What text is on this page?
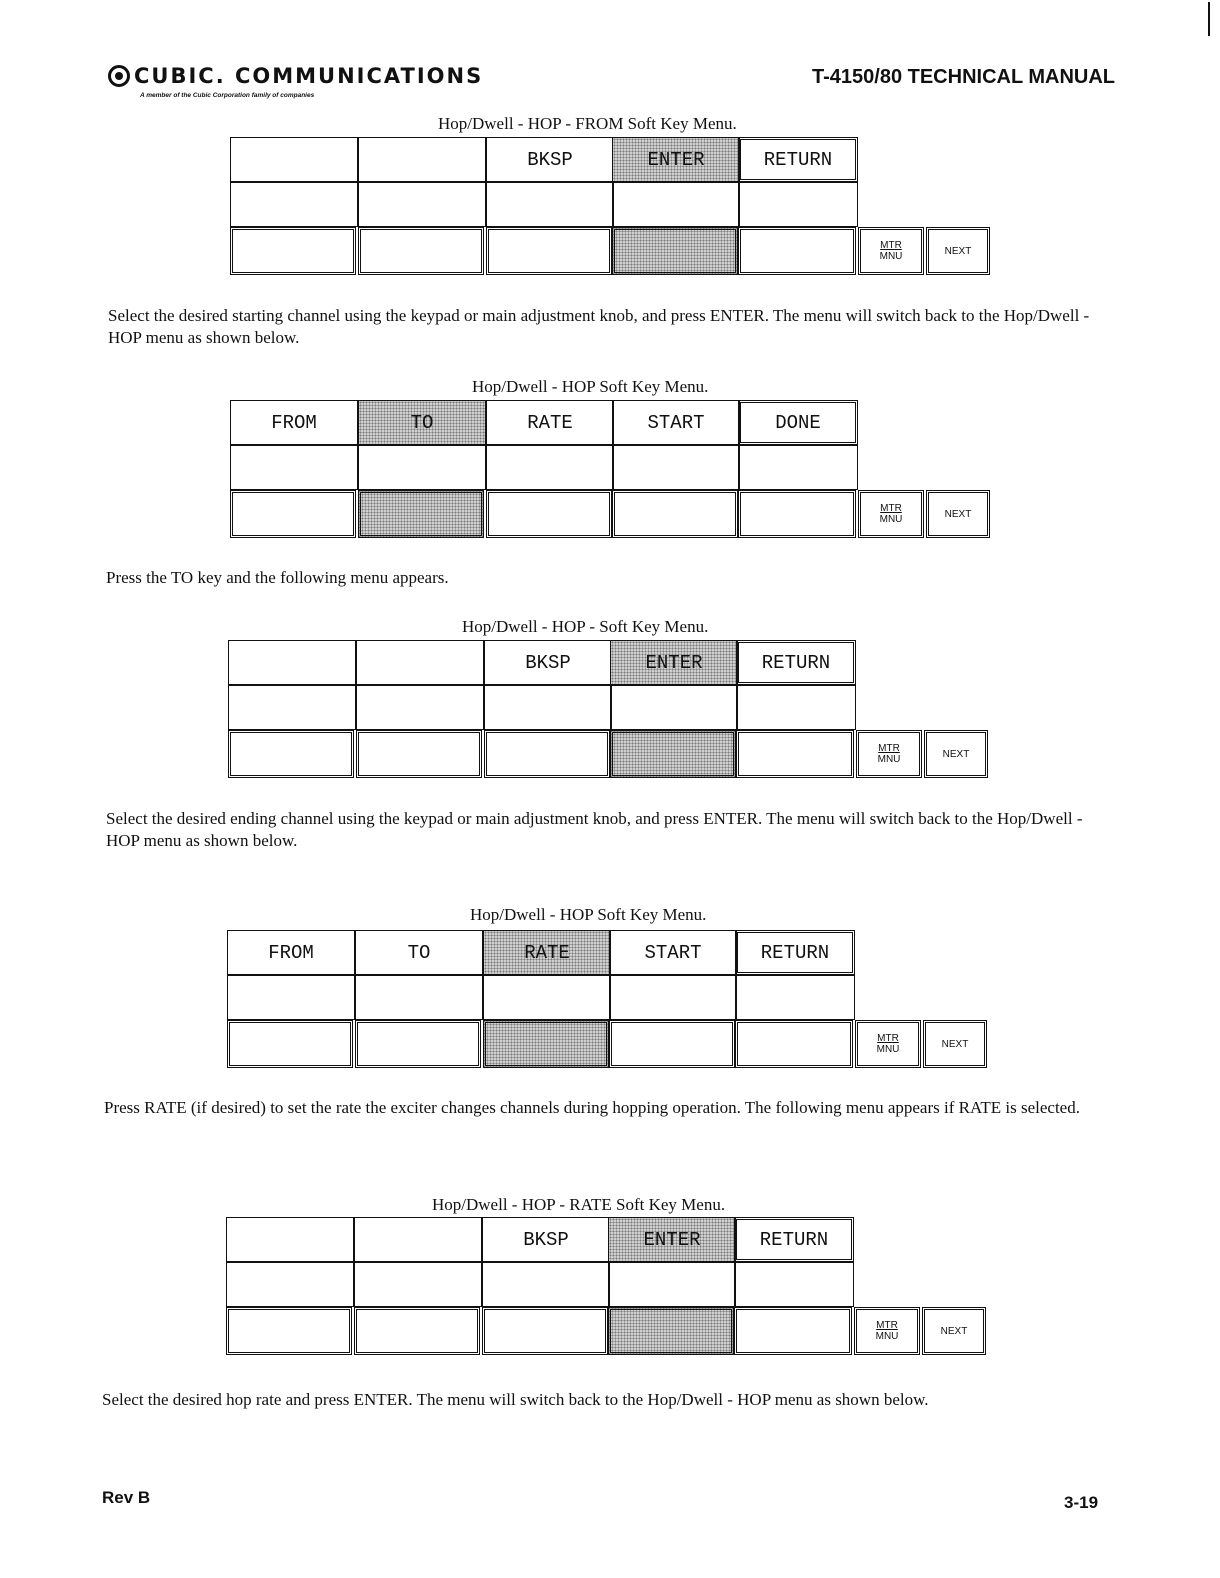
CUBIC. COMMUNICATIONS
A member of the Cubic Corporation family of companies
T-4150/80 TECHNICAL MANUAL
Hop/Dwell - HOP - FROM Soft Key Menu.
BKSP	ENTER	RETURN
MTR
MNU	NEXT
Select the desired starting channel using the keypad or main adjustment knob, and press ENTER. The menu will switch back to the Hop/Dwell - HOP menu as shown below.
Hop/Dwell - HOP Soft Key Menu.
FROM	TO	RATE	START	DONE
MTR
MNU	NEXT
Press the TO key and the following menu appears.
Hop/Dwell - HOP - Soft Key Menu.
BKSP	ENTER	RETURN
MTR
MNU	NEXT
Select the desired ending channel using the keypad or main adjustment knob, and press ENTER. The menu will switch back to the Hop/Dwell - HOP menu as shown below.
Hop/Dwell - HOP Soft Key Menu.
FROM	TO	RATE	START	RETURN
MTR
MNU	NEXT
Press RATE (if desired) to set the rate the exciter changes channels during hopping operation. The following menu appears if RATE is selected.
Hop/Dwell - HOP - RATE Soft Key Menu.
BKSP	ENTER	RETURN
MTR
MNU	NEXT
Select the desired hop rate and press ENTER. The menu will switch back to the Hop/Dwell - HOP menu as shown below.
Rev B	3-19
